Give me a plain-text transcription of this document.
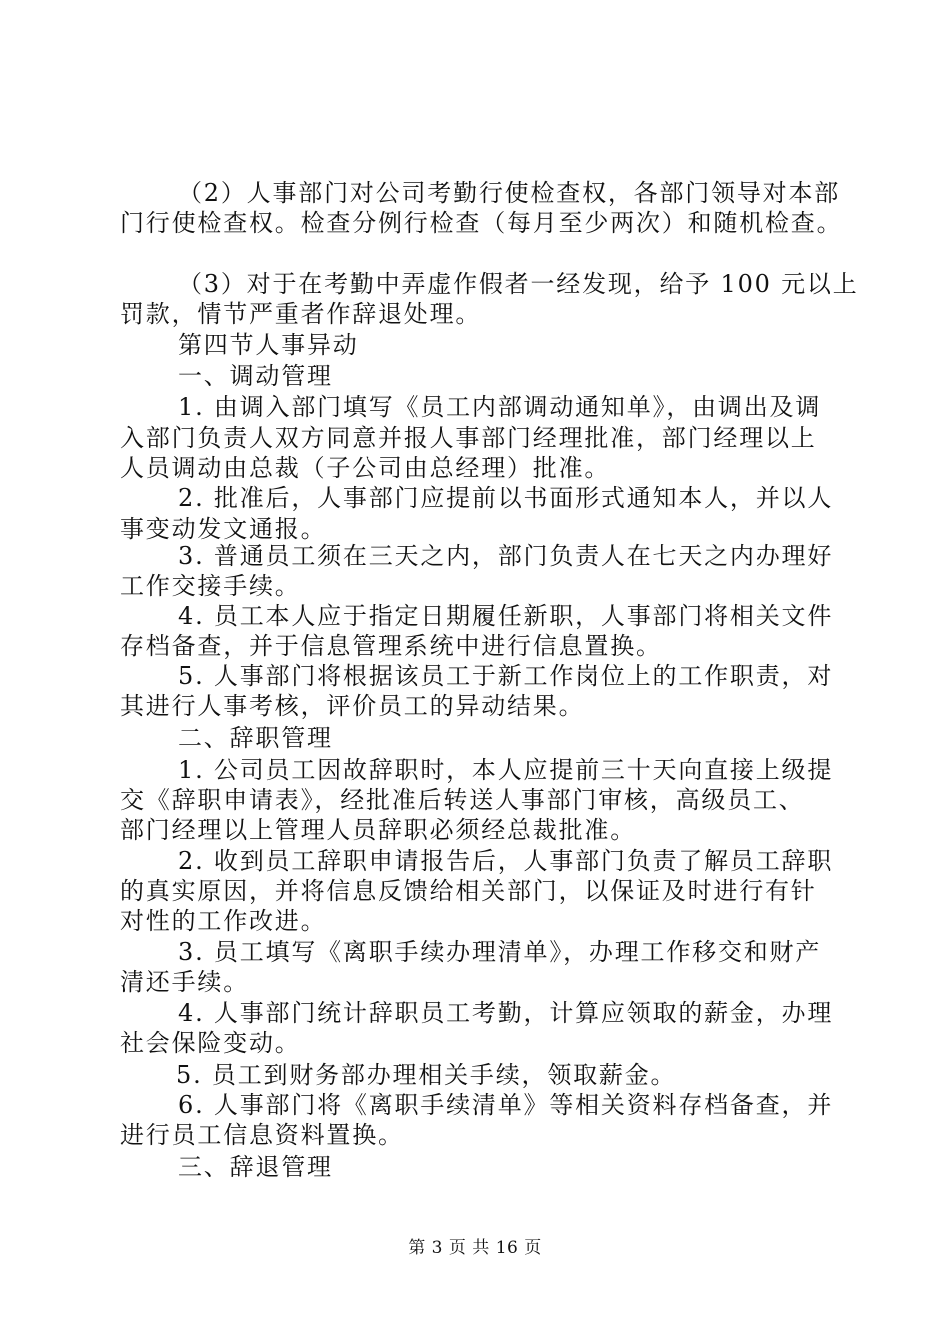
（2）人事部门对公司考勤行使检查权，各部门领导对本部
门行使检查权。检查分例行检查（每月至少两次）和随机检查。
（3）对于在考勤中弄虚作假者一经发现，给予 100 元以上
罚款，情节严重者作辞退处理。
第四节人事异动
一、调动管理
1. 由调入部门填写《员工内部调动通知单》，由调出及调
入部门负责人双方同意并报人事部门经理批准，部门经理以上
人员调动由总裁（子公司由总经理）批准。
2. 批准后，人事部门应提前以书面形式通知本人，并以人
事变动发文通报。
3. 普通员工须在三天之内，部门负责人在七天之内办理好
工作交接手续。
4. 员工本人应于指定日期履任新职，人事部门将相关文件
存档备查，并于信息管理系统中进行信息置换。
5. 人事部门将根据该员工于新工作岗位上的工作职责，对
其进行人事考核，评价员工的异动结果。
二、辞职管理
1. 公司员工因故辞职时，本人应提前三十天向直接上级提
交《辞职申请表》，经批准后转送人事部门审核，高级员工、
部门经理以上管理人员辞职必须经总裁批准。
2. 收到员工辞职申请报告后，人事部门负责了解员工辞职
的真实原因，并将信息反馈给相关部门，以保证及时进行有针
对性的工作改进。
3. 员工填写《离职手续办理清单》，办理工作移交和财产
清还手续。
4. 人事部门统计辞职员工考勤，计算应领取的薪金，办理
社会保险变动。
5. 员工到财务部办理相关手续，领取薪金。
6. 人事部门将《离职手续清单》等相关资料存档备查，并
进行员工信息资料置换。
三、辞退管理
第 3 页 共 16 页
